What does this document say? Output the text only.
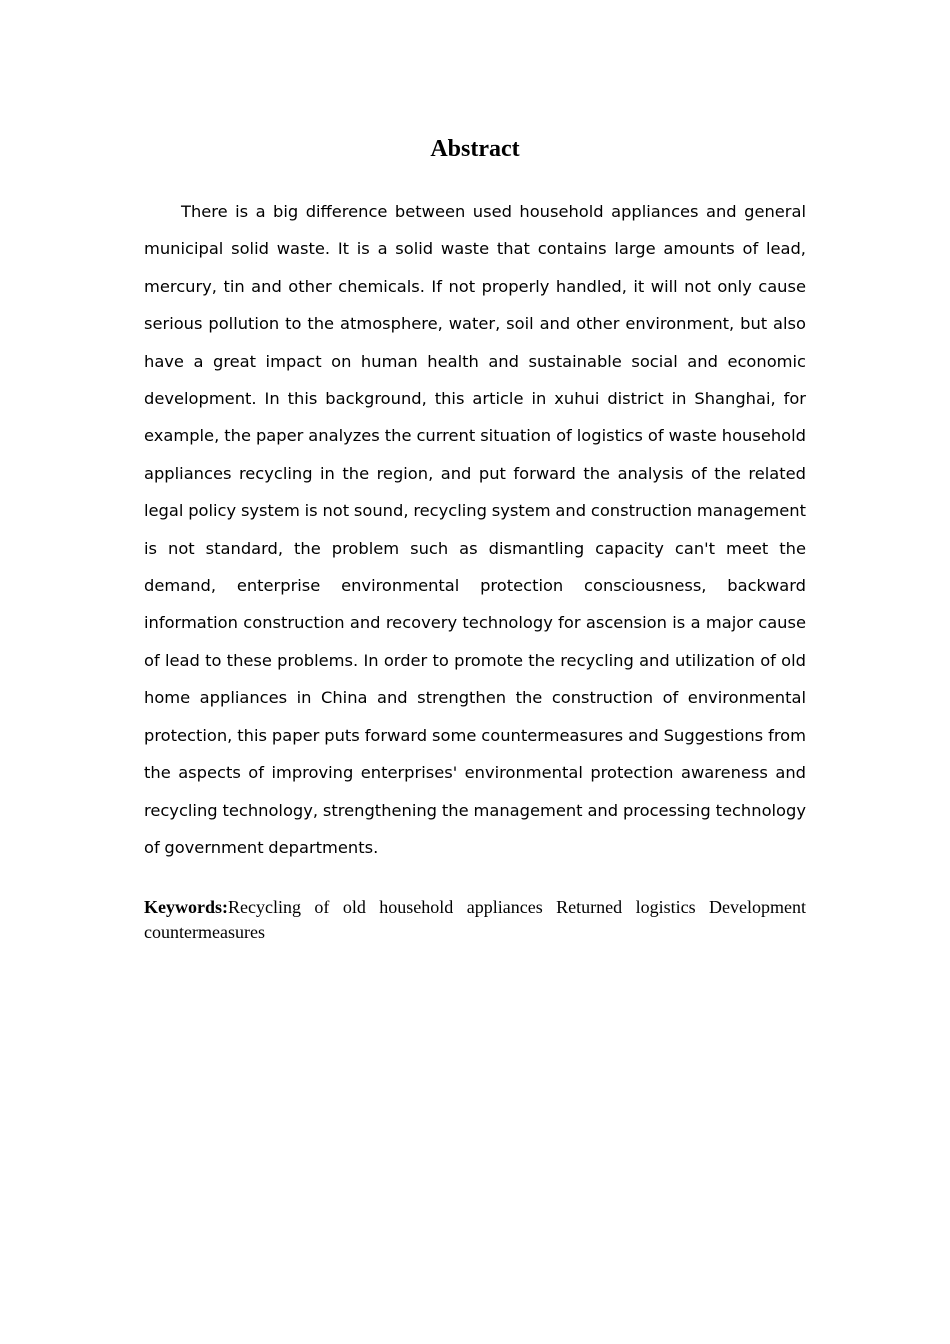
Abstract

There is a big difference between used household appliances and general municipal solid waste. It is a solid waste that contains large amounts of lead, mercury, tin and other chemicals. If not properly handled, it will not only cause serious pollution to the atmosphere, water, soil and other environment, but also have a great impact on human health and sustainable social and economic development. In this background, this article in xuhui district in Shanghai, for example, the paper analyzes the current situation of logistics of waste household appliances recycling in the region, and put forward the analysis of the related legal policy system is not sound, recycling system and construction management is not standard, the problem such as dismantling capacity can't meet the demand, enterprise environmental protection consciousness, backward information construction and recovery technology for ascension is a major cause of lead to these problems. In order to promote the recycling and utilization of old home appliances in China and strengthen the construction of environmental protection, this paper puts forward some countermeasures and Suggestions from the aspects of improving enterprises' environmental protection awareness and recycling technology, strengthening the management and processing technology of government departments.

Keywords:Recycling of old household appliances Returned logistics Development countermeasures
